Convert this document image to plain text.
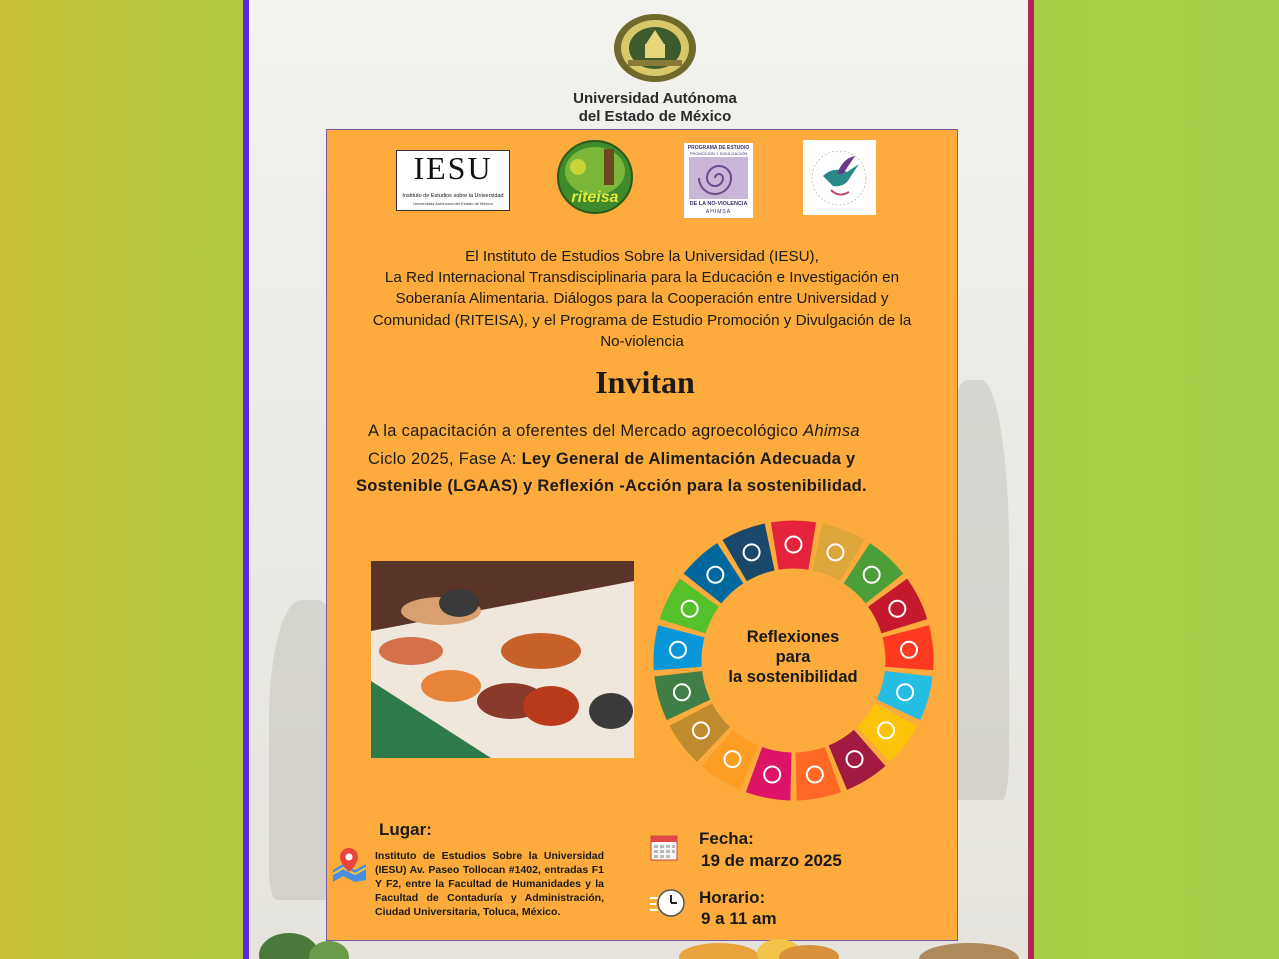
Universidad Autónoma
del Estado de México
IESU
Instituto de Estudios sobre la Universidad
Universidad Autónoma del Estado de México	riteisa
PROGRAMA DE ESTUDIO
PROMOCIÓN Y DIVULGACIÓN
DE LA NO-VIOLENCIA
AHIMSA
El Instituto de Estudios Sobre la Universidad (IESU),
La Red Internacional Transdisciplinaria para la Educación e Investigación en
Soberanía Alimentaria. Diálogos para la Cooperación entre Universidad y
Comunidad (RITEISA), y el Programa de Estudio Promoción y Divulgación de la
No-violencia
Invitan
A la capacitación a oferentes del Mercado agroecológico Ahimsa
Ciclo 2025, Fase A: Ley General de Alimentación Adecuada y
Sostenible (LGAAS) y Reflexión -Acción para la sostenibilidad.
Reflexiones
para
la sostenibilidad
Lugar:
Instituto de Estudios Sobre la Universidad (IESU) Av. Paseo Tollocan #1402, entradas F1 Y F2, entre la Facultad de Humanidades y la Facultad de Contaduría y Administración, Ciudad Universitaria, Toluca, México.
Fecha:
19 de marzo 2025
Horario:
9 a 11 am
